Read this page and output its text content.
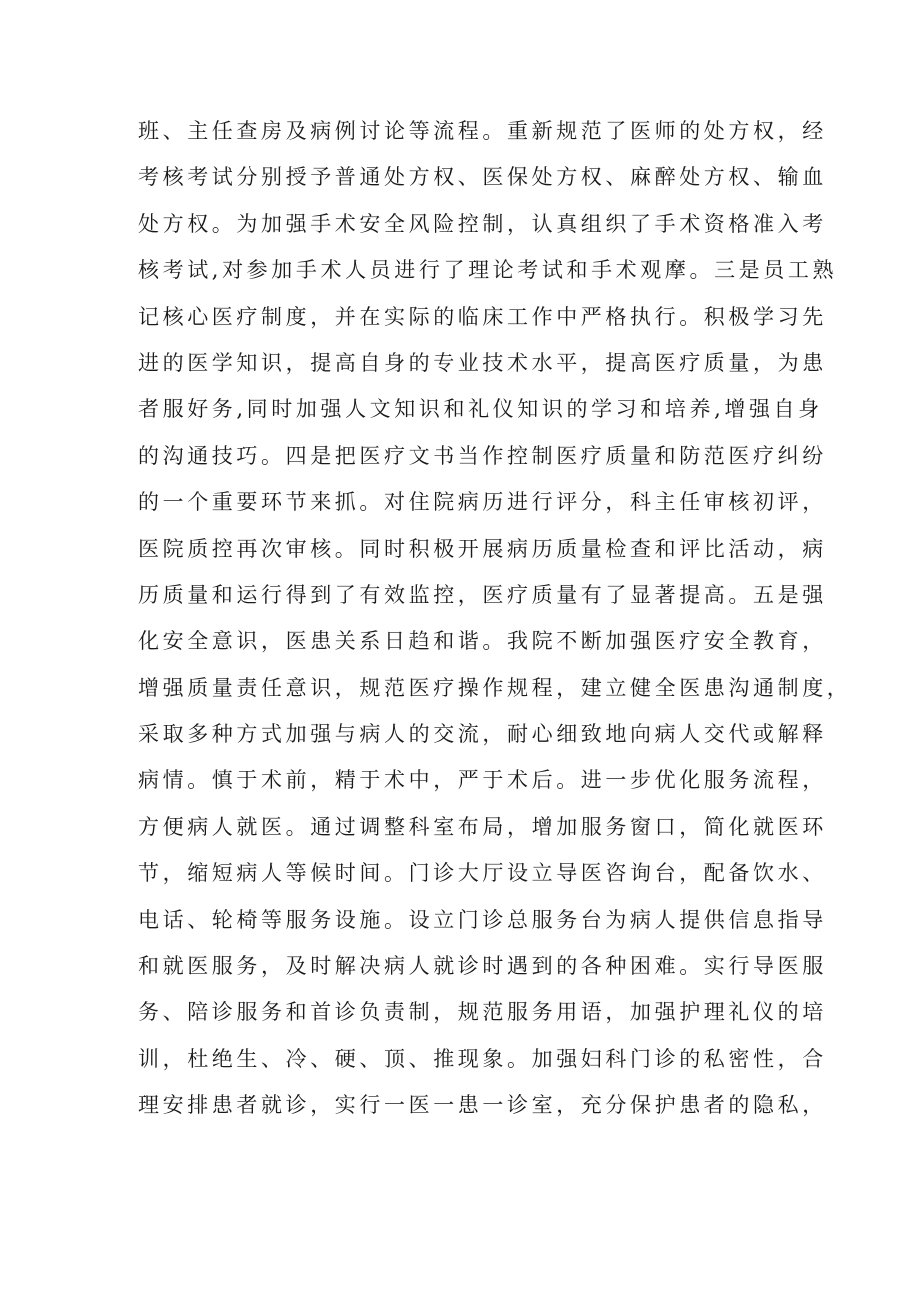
班、主任查房及病例讨论等流程。重新规范了医师的处方权，经
考核考试分别授予普通处方权、医保处方权、麻醉处方权、输血
处方权。为加强手术安全风险控制，认真组织了手术资格准入考
核考试,对参加手术人员进行了理论考试和手术观摩。三是员工熟
记核心医疗制度，并在实际的临床工作中严格执行。积极学习先
进的医学知识，提高自身的专业技术水平，提高医疗质量，为患
者服好务,同时加强人文知识和礼仪知识的学习和培养,增强自身
的沟通技巧。四是把医疗文书当作控制医疗质量和防范医疗纠纷
的一个重要环节来抓。对住院病历进行评分，科主任审核初评，
医院质控再次审核。同时积极开展病历质量检查和评比活动，病
历质量和运行得到了有效监控，医疗质量有了显著提高。五是强
化安全意识，医患关系日趋和谐。我院不断加强医疗安全教育，
增强质量责任意识，规范医疗操作规程，建立健全医患沟通制度，
采取多种方式加强与病人的交流，耐心细致地向病人交代或解释
病情。慎于术前，精于术中，严于术后。进一步优化服务流程，
方便病人就医。通过调整科室布局，增加服务窗口，简化就医环
节，缩短病人等候时间。门诊大厅设立导医咨询台，配备饮水、
电话、轮椅等服务设施。设立门诊总服务台为病人提供信息指导
和就医服务，及时解决病人就诊时遇到的各种困难。实行导医服
务、陪诊服务和首诊负责制，规范服务用语，加强护理礼仪的培
训，杜绝生、冷、硬、顶、推现象。加强妇科门诊的私密性，合
理安排患者就诊，实行一医一患一诊室，充分保护患者的隐私，
